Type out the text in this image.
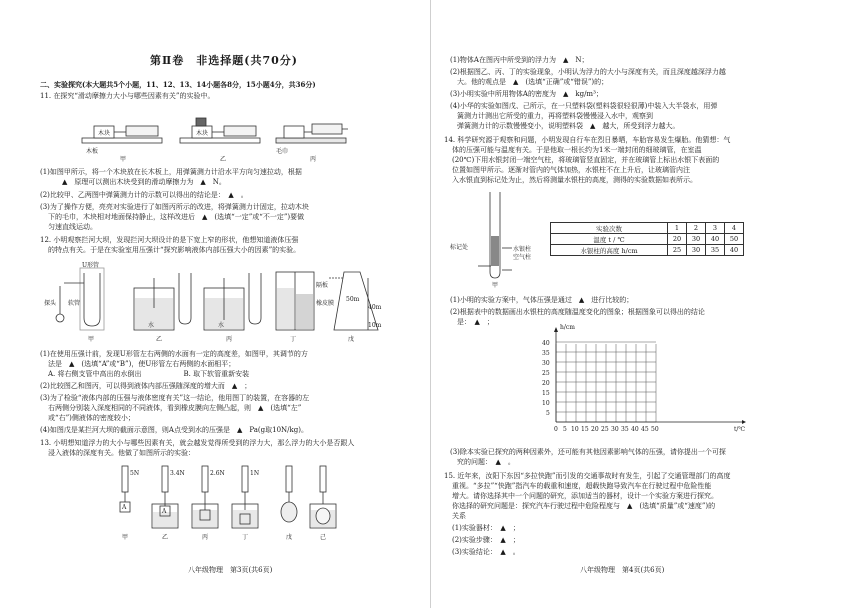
第Ⅱ卷　非选择题(共70分)
二、实验探究(本大题共5个小题，11、12、13、14小题各8分，15小题4分，共36分)
11. 在探究“滑动摩擦力大小与哪些因素有关”的实验中。
木块
木板
甲
木块
乙
毛巾
丙
(1)如图甲所示，将一个木块放在长木板上，用弹簧测力计沿水平方向匀速拉动，根据
　　▲　原理可以测出木块受到的滑动摩擦力为　▲　N。
(2)比较甲、乙两图中弹簧测力计的示数可以得出的结论是：　▲　。
(3)为了操作方便，亮亮对实验进行了如图丙所示的改进，将弹簧测力计固定，拉动木块
下的毛巾，木块相对地面保持静止，这样改进后　▲　(选填“一定”或“不一定”)要做
匀速直线运动。
12. 小明观察拦河大坝，发现拦河大坝设计的是下宽上窄的形状，他想知道液体压强
的特点有关。于是在实验室用压强计“探究影响液体内部压强大小的因素”的实验。
U形管
探头 软管
甲	乙
水
丙
水
丁
隔板
橡皮膜
50m
40m
10m
戊
(1)在使用压强计前，发现U形管左右两侧的水面有一定的高度差，如图甲，其调节的方
法是　▲　(选填“A”或“B”)，使U形管左右两侧的水面相平；
A. 将右侧支管中高出的水倒出　　　　　　B. 取下软管重新安装
(2)比较图乙和图丙，可以得到液体内部压强随深度的增大而　▲　；
(3)为了检验“液体内部的压强与液体密度有关”这一结论，他用图丁的装置，在容器的左
右两侧分别装入深度相同的不同液体，看到橡皮膜向左侧凸起，则　▲　(选填“左”
或“右”)侧液体的密度较小；
(4)如图戊是某拦河大坝的截面示意图，则A点受到水的压强是　▲　Pa(g取10N/kg)。
13. 小明想知道浮力的大小与哪些因素有关，就会越发觉得所受到的浮力大，那么浮力的大小是否跟人
浸入液体的深度有关。他做了如图所示的实验：
5N	3.4N	2.6N	1N
A
A
甲	乙	丙	丁	戊	己
八年级物理　第3页(共6页)
(1)物体A在图丙中所受到的浮力为　▲　N；
(2)根据图乙、丙、丁的实验现象，小明认为浮力的大小与深度有关，而且深度越深浮力越
　大。他的观点是　▲　(选填“正确”或“错误”)的；
(3)小明实验中所用物体A的密度为　▲　kg/m³；
(4)小华的实验如图戊、己所示，在一只塑料袋(塑料袋很轻很薄)中装入大半袋水，用弹
　簧测力计测出它所受的重力，再将塑料袋慢慢浸入水中，观察到
　弹簧测力计的示数慢慢变小，说明塑料袋　▲　越大，所受到浮力越大。
14. 科学研究源于观察和问题，小明发现自行车在烈日暴晒，车胎容易发生爆胎。他猜想：气
体的压强可能与温度有关。于是他取一根长约为1米一端封闭的细玻璃管，在室温
(20℃)下用水银封闭一端空气柱，将玻璃管竖直固定，并在玻璃管上标出水银下表面的
位置如图甲所示。逐渐对管内的气体加热，水银柱不在上升后，让玻璃管内注
入水银直到标记处为止，然后将测量水银柱的高度，测得的实验数据如表所示。
标记处	水银柱
空气柱
甲
实验次数	1	2	3	4
温度 t / ℃	20	30	40	50
水银柱的高度 h/cm	25	30	35	40
(1)小明的实验方案中，气体压强是通过　▲　进行比较的；
(2)根据表中的数据画出水银柱的高度随温度变化的图象；根据图象可以得出的结论
　是：　▲　；
h/cm
t/℃
40
35
30
25
20
15
10
5
0 5 10 15 20 25 30 35 40 45 50
(3)除本实验已探究的两种因素外，还可能有其他因素影响气体的压强，请你提出一个可探
　究的问题：　▲　。
15. 近年来，汝阳下东因“多拉快跑”而引发的交通事故时有发生，引起了交通管理部门的高度
重视。“多拉”“快跑”指汽车的载重和速度，超载快跑导致汽车在行驶过程中危险性能
增大。请你选择其中一个问题的研究，添加适当的器材，设计一个实验方案进行探究。
你选择的研究问题是：探究汽车行驶过程中危险程度与　▲　(选填“质量”或“速度”)的
关系
(1)实验器材：　▲　；
(2)实验步骤：　▲　；
(3)实验结论：　▲　。
八年级物理　第4页(共6页)
